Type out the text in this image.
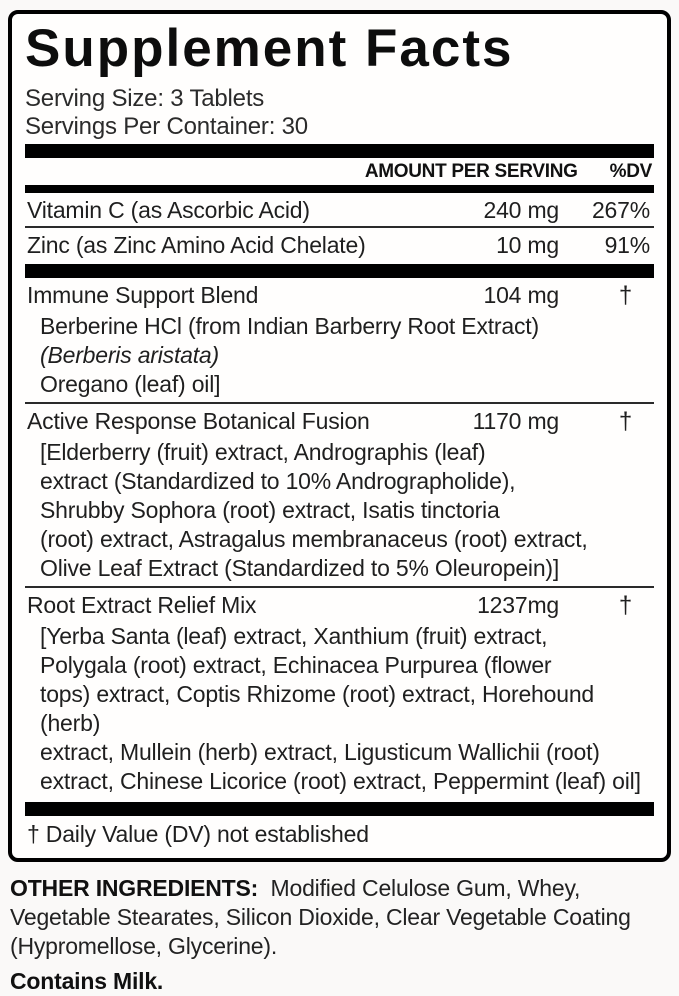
Supplement Facts
Serving Size: 3 Tablets
Servings Per Container: 30
AMOUNT PER SERVING %DV
Vitamin C (as Ascorbic Acid)	240 mg	267%
Zinc (as Zinc Amino Acid Chelate)	10 mg	91%
Immune Support Blend	104 mg	†
Berberine HCl (from Indian Barberry Root Extract)
(Berberis aristata)
Oregano (leaf) oil]
Active Response Botanical Fusion	1170 mg	†
[Elderberry (fruit) extract, Andrographis (leaf)
extract (Standardized to 10% Andrographolide),
Shrubby Sophora (root) extract, Isatis tinctoria
(root) extract, Astragalus membranaceus (root) extract,
Olive Leaf Extract (Standardized to 5% Oleuropein)]
Root Extract Relief Mix	1237mg	†
[Yerba Santa (leaf) extract, Xanthium (fruit) extract,
Polygala (root) extract, Echinacea Purpurea (flower
tops) extract, Coptis Rhizome (root) extract, Horehound (herb)
extract, Mullein (herb) extract, Ligusticum Wallichii (root)
extract, Chinese Licorice (root) extract, Peppermint (leaf) oil]
† Daily Value (DV) not established

OTHER INGREDIENTS: Modified Celulose Gum, Whey, Vegetable Stearates, Silicon Dioxide, Clear Vegetable Coating (Hypromellose, Glycerine).

Contains Milk.
